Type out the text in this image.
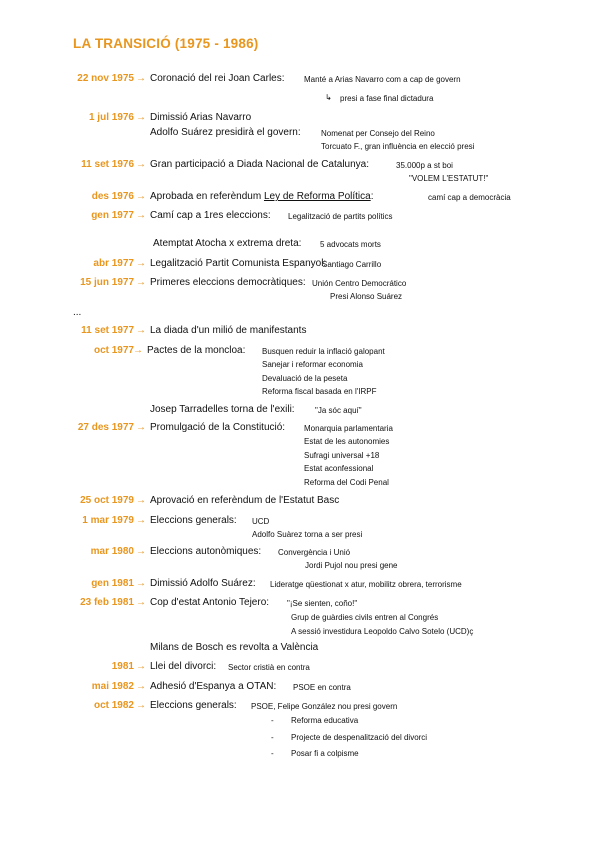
LA TRANSICIÓ (1975 - 1986)
22 nov 1975 → Coronació del rei Joan Carles: Manté a Arias Navarro com a cap de govern
↳ presi a fase final dictadura
1 jul 1976 → Dimissió Arias Navarro
Adolfo Suárez presidirà el govern:	Nomenat per Consejo del Reino
Torcuato F., gran influència en elecció presi
11 set 1976 → Gran participació a Diada Nacional de Catalunya:	35.000p a st boi
"VOLEM L'ESTATUT!"
des 1976 → Aprobada en referèndum Ley de Reforma Política:	camí cap a democràcia
gen 1977 → Camí cap a 1res eleccions: Legalització de partits polítics
Atemptat Atocha x extrema dreta: 5 advocats morts
abr 1977 → Legalització Partit Comunista Espanyol:
Santiago Carrillo
15 jun 1977 → Primeres eleccions democràtiques: Unión Centro Democrático
Presi Alonso Suárez
...
11 set 1977 → La diada d'un milió de manifestants
oct 1977 → Pactes de la moncloa: Busquen reduir la inflació galopant
Sanejar i reformar economia
Devaluació de la peseta
Reforma fiscal basada en l'IRPF
Josep Tarradelles torna de l'exili:	"Ja sóc aquí"
27 des 1977 → Promulgació de la Constitució: Monarquia parlamentaria
Estat de les autonomies
Sufragi universal +18
Estat aconfessional
Reforma del Codi Penal
25 oct 1979 → Aprovació en referèndum de l'Estatut Basc
1 mar 1979 → Eleccions generals: UCD
Adolfo Suàrez torna a ser presi
mar 1980 → Eleccions autonòmiques: Convergència i Unió
Jordi Pujol nou presi gene
gen 1981 → Dimissió Adolfo Suárez: Lideratge qüestionat x atur, mobilitz obrera, terrorisme
23 feb 1981 → Cop d'estat Antonio Tejero: "¡Se sienten, coño!"
Grup de guàrdies civils entren al Congrés
A sessió investidura Leopoldo Calvo Sotelo (UCD)ç
Milans de Bosch es revolta a València
1981 → Llei del divorci: Sector cristià en contra
mai 1982 → Adhesió d'Espanya a OTAN: PSOE en contra
oct 1982 → Eleccions generals: PSOE, Felipe González nou presi govern
- Reforma educativa
- Projecte de despenalització del divorci
- Posar fi a colpisme
